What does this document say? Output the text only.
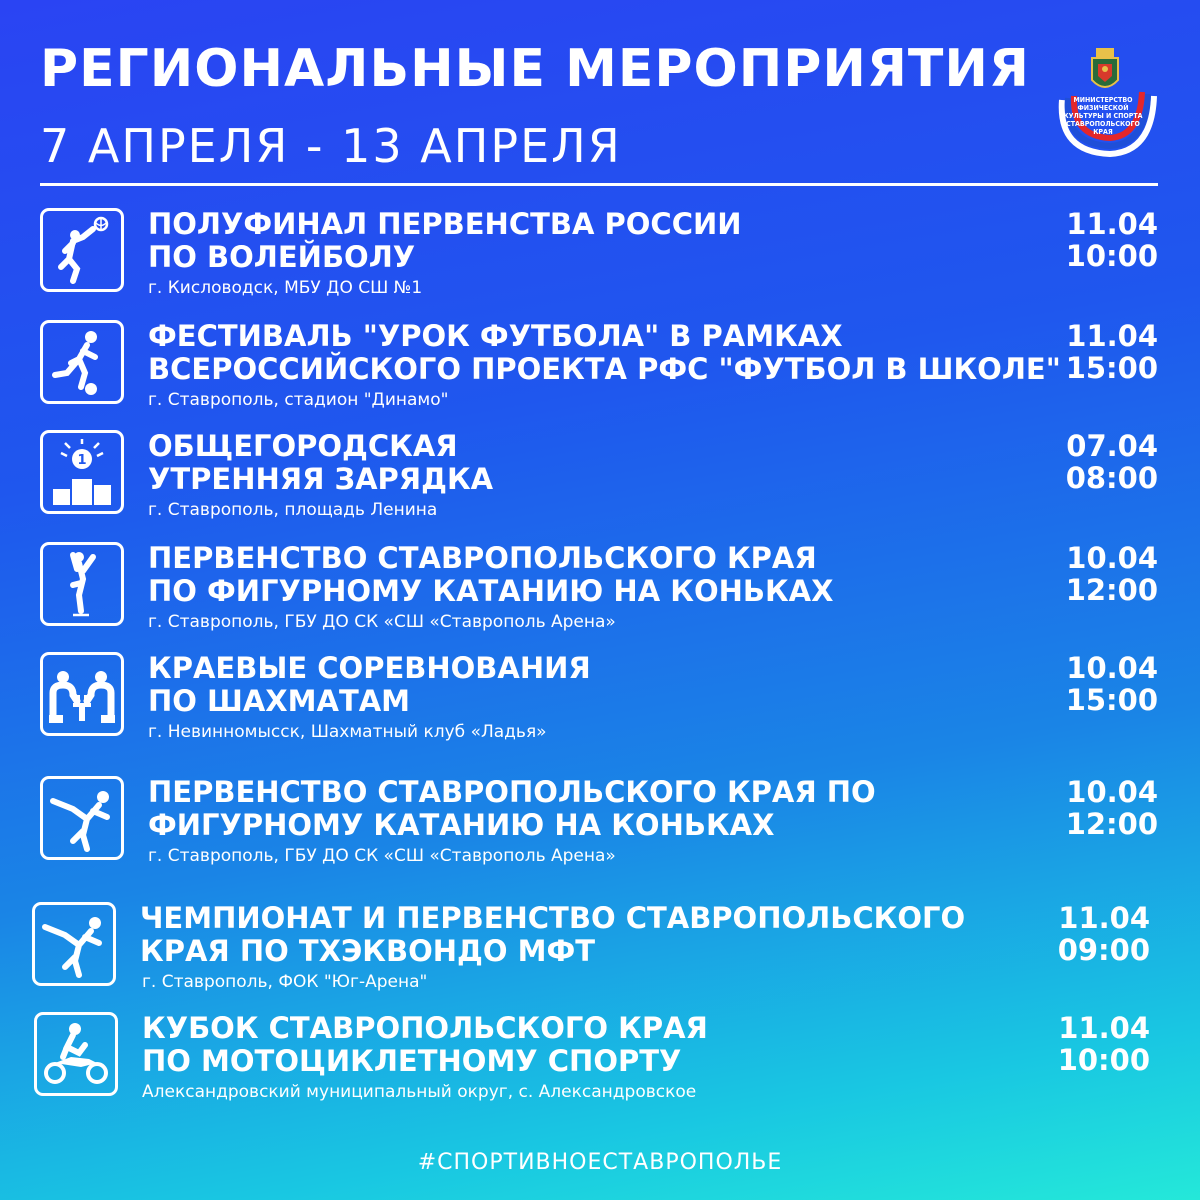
РЕГИОНАЛЬНЫЕ МЕРОПРИЯТИЯ
7 АПРЕЛЯ - 13 АПРЕЛЯ
МИНИСТЕРСТВО ФИЗИЧЕСКОЙ КУЛЬТУРЫ И СПОРТА СТАВРОПОЛЬСКОГО КРАЯ
ПОЛУФИНАЛ ПЕРВЕНСТВА РОССИИ
ПО ВОЛЕЙБОЛУ
г. Кисловодск, МБУ ДО СШ №1
11.04
10:00
ФЕСТИВАЛЬ "УРОК ФУТБОЛА" В РАМКАХ
ВСЕРОССИЙСКОГО ПРОЕКТА РФС "ФУТБОЛ В ШКОЛЕ"
г. Ставрополь, стадион "Динамо"
11.04
15:00
1 ОБЩЕГОРОДСКАЯ
УТРЕННЯЯ ЗАРЯДКА
г. Ставрополь, площадь Ленина
07.04
08:00
ПЕРВЕНСТВО СТАВРОПОЛЬСКОГО КРАЯ
ПО ФИГУРНОМУ КАТАНИЮ НА КОНЬКАХ
г. Ставрополь, ГБУ ДО СК «СШ «Ставрополь Арена»
10.04
12:00
КРАЕВЫЕ СОРЕВНОВАНИЯ
ПО ШАХМАТАМ
г. Невинномысск, Шахматный клуб «Ладья»
10.04
15:00
ПЕРВЕНСТВО СТАВРОПОЛЬСКОГО КРАЯ ПО
ФИГУРНОМУ КАТАНИЮ НА КОНЬКАХ
г. Ставрополь, ГБУ ДО СК «СШ «Ставрополь Арена»
10.04
12:00
ЧЕМПИОНАТ И ПЕРВЕНСТВО СТАВРОПОЛЬСКОГО
КРАЯ ПО ТХЭКВОНДО МФТ
г. Ставрополь, ФОК "Юг-Арена"
11.04
09:00
КУБОК СТАВРОПОЛЬСКОГО КРАЯ
ПО МОТОЦИКЛЕТНОМУ СПОРТУ
Александровский муниципальный округ, с. Александровское
11.04
10:00
#СПОРТИВНОЕСТАВРОПОЛЬЕ
